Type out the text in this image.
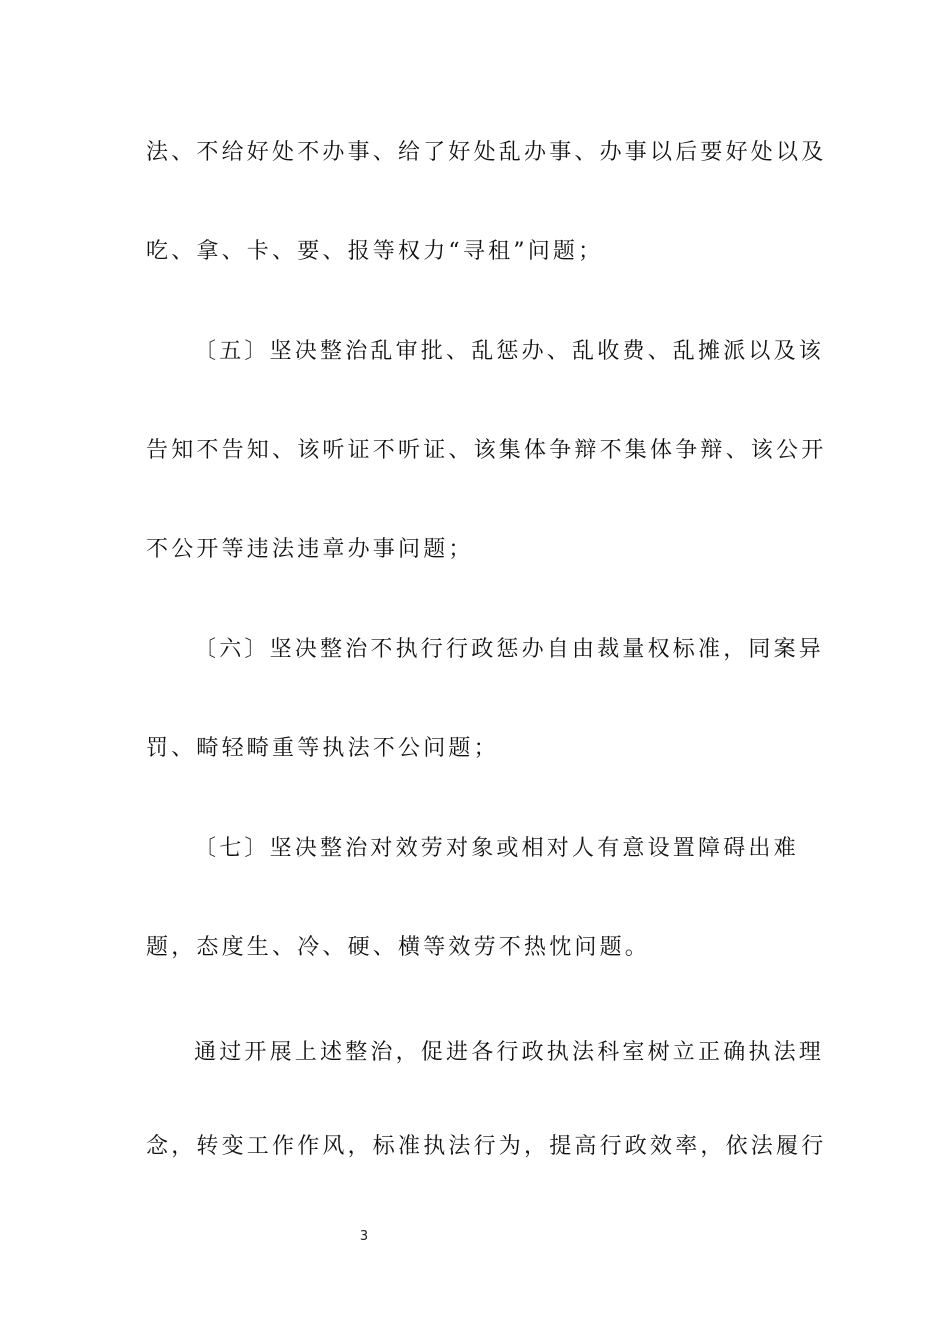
法、不给好处不办事、给了好处乱办事、办事以后要好处以及

吃、拿、卡、要、报等权力“寻租”问题；

〔五〕坚决整治乱审批、乱惩办、乱收费、乱摊派以及该

告知不告知、该听证不听证、该集体争辩不集体争辩、该公开

不公开等违法违章办事问题；

〔六〕坚决整治不执行行政惩办自由裁量权标准，同案异

罚、畸轻畸重等执法不公问题；

〔七〕坚决整治对效劳对象或相对人有意设置障碍出难

题，态度生、冷、硬、横等效劳不热忱问题。

通过开展上述整治，促进各行政执法科室树立正确执法理

念，转变工作作风，标准执法行为，提高行政效率，依法履行

3
